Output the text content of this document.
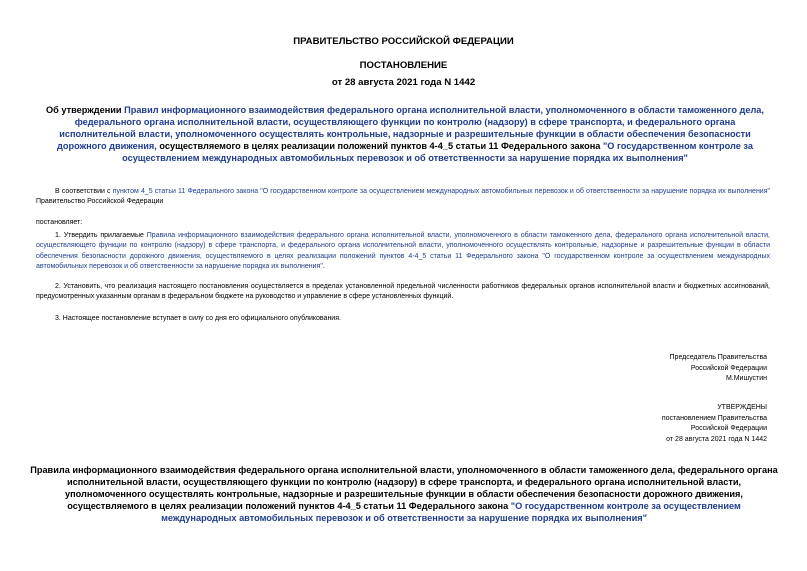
ПРАВИТЕЛЬСТВО РОССИЙСКОЙ ФЕДЕРАЦИИ
ПОСТАНОВЛЕНИЕ
от 28 августа 2021 года N 1442
Об утверждении Правил информационного взаимодействия федерального органа исполнительной власти, уполномоченного в области таможенного дела, федерального органа исполнительной власти, осуществляющего функции по контролю (надзору) в сфере транспорта, и федерального органа исполнительной власти, уполномоченного осуществлять контрольные, надзорные и разрешительные функции в области обеспечения безопасности дорожного движения, осуществляемого в целях реализации положений пунктов 4-4_5 статьи 11 Федерального закона "О государственном контроле за осуществлением международных автомобильных перевозок и об ответственности за нарушение порядка их выполнения"
В соответствии с пунктом 4_5 статьи 11 Федерального закона "О государственном контроле за осуществлением международных автомобильных перевозок и об ответственности за нарушение порядка их выполнения" Правительство Российской Федерации
постановляет:
1. Утвердить прилагаемые Правила информационного взаимодействия федерального органа исполнительной власти, уполномоченного в области таможенного дела, федерального органа исполнительной власти, осуществляющего функции по контролю (надзору) в сфере транспорта, и федерального органа исполнительной власти, уполномоченного осуществлять контрольные, надзорные и разрешительные функции в области обеспечения безопасности дорожного движения, осуществляемого в целях реализации положений пунктов 4-4_5 статьи 11 Федерального закона "О государственном контроле за осуществлением международных автомобильных перевозок и об ответственности за нарушение порядка их выполнения".
2. Установить, что реализация настоящего постановления осуществляется в пределах установленной предельной численности работников федеральных органов исполнительной власти и бюджетных ассигнований, предусмотренных указанным органам в федеральном бюджете на руководство и управление в сфере установленных функций.
3. Настоящее постановление вступает в силу со дня его официального опубликования.
Председатель Правительства
Российской Федерации
М.Мишустин
УТВЕРЖДЕНЫ
постановлением Правительства
Российской Федерации
от 28 августа 2021 года N 1442
Правила информационного взаимодействия федерального органа исполнительной власти, уполномоченного в области таможенного дела, федерального органа исполнительной власти, осуществляющего функции по контролю (надзору) в сфере транспорта, и федерального органа исполнительной власти, уполномоченного осуществлять контрольные, надзорные и разрешительные функции в области обеспечения безопасности дорожного движения, осуществляемого в целях реализации положений пунктов 4-4_5 статьи 11 Федерального закона "О государственном контроле за осуществлением международных автомобильных перевозок и об ответственности за нарушение порядка их выполнения"
